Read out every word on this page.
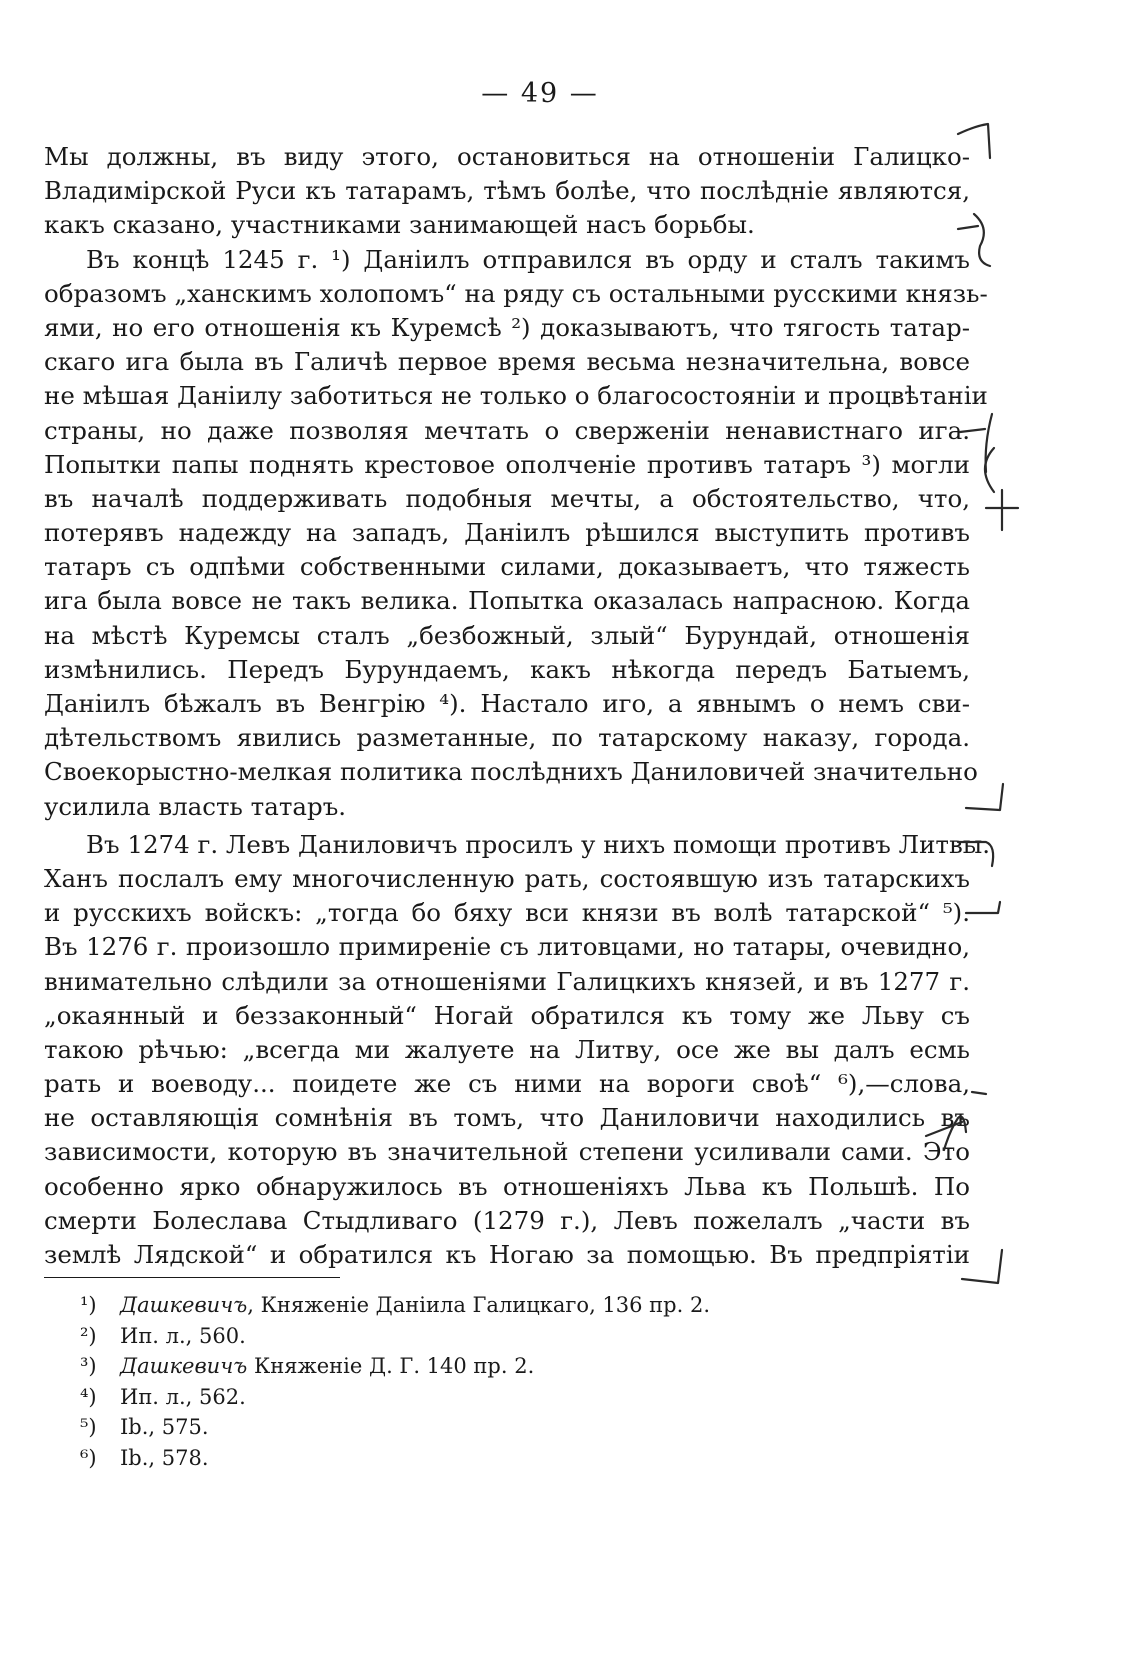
— 49 —
Мы должны, въ виду этого, остановиться на отношеніи Галицко-
Владимірской Руси къ татарамъ, тѣмъ болѣе, что послѣдніе являются,
какъ сказано, участниками занимающей насъ борьбы.
Въ концѣ 1245 г. ¹) Даніилъ отправился въ орду и сталъ такимъ
образомъ „ханскимъ холопомъ“ на ряду съ остальными русскими князь-
ями, но его отношенія къ Куремсѣ ²) доказываютъ, что тягость татар-
скаго ига была въ Галичѣ первое время весьма незначительна, вовсе
не мѣшая Даніилу заботиться не только о благосостояніи и процвѣтаніи
страны, но даже позволяя мечтать о сверженіи ненавистнаго ига.
Попытки папы поднять крестовое ополченіе противъ татаръ ³) могли
въ началѣ поддерживать подобныя мечты, а обстоятельство, что,
потерявъ надежду на западъ, Даніилъ рѣшился выступить противъ
татаръ съ одпѣми собственными силами, доказываетъ, что тяжесть
ига была вовсе не такъ велика. Попытка оказалась напрасною. Когда
на мѣстѣ Куремсы сталъ „безбожный, злый“ Бурундай, отношенія
измѣнились. Передъ Бурундаемъ, какъ нѣкогда передъ Батыемъ,
Даніилъ бѣжалъ въ Венгрію ⁴). Настало иго, а явнымъ о немъ сви-
дѣтельствомъ явились разметанные, по татарскому наказу, города.
Своекорыстно-мелкая политика послѣднихъ Даниловичей значительно
усилила власть татаръ.
Въ 1274 г. Левъ Даниловичъ просилъ у нихъ помощи противъ Литвы.
Ханъ послалъ ему многочисленную рать, состоявшую изъ татарскихъ
и русскихъ войскъ: „тогда бо бяху вси князи въ волѣ татарской“ ⁵).
Въ 1276 г. произошло примиреніе съ литовцами, но татары, очевидно,
внимательно слѣдили за отношеніями Галицкихъ князей, и въ 1277 г.
„окаянный и беззаконный“ Ногай обратился къ тому же Льву съ
такою рѣчью: „всегда ми жалуете на Литву, осе же вы далъ есмь
рать и воеводу... поидете же съ ними на вороги своѣ“ ⁶),—слова,
не оставляющія сомнѣнія въ томъ, что Даниловичи находились въ
зависимости, которую въ значительной степени усиливали сами. Это
особенно ярко обнаружилось въ отношеніяхъ Льва къ Польшѣ. По
смерти Болеслава Стыдливаго (1279 г.), Левъ пожелалъ „части въ
землѣ Лядской“ и обратился къ Ногаю за помощью. Въ предпріятіи
¹) Дашкевичъ, Княженіе Даніила Галицкаго, 136 пр. 2.
²) Ип. л., 560.
³) Дашкевичъ Княженіе Д. Г. 140 пр. 2.
⁴) Ип. л., 562.
⁵) Ib., 575.
⁶) Ib., 578.
